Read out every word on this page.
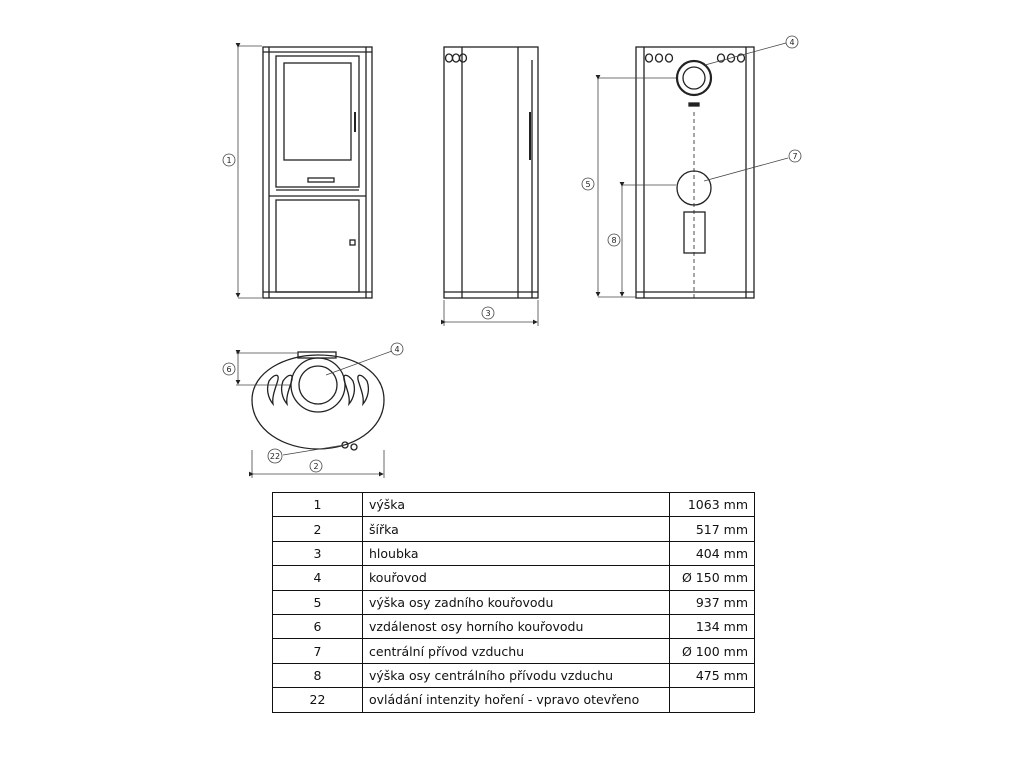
1
3
5
8
4
7
6
2
4
22
1	výška	1063 mm
2	šířka	517 mm
3	hloubka	404 mm
4	kouřovod	Ø 150 mm
5	výška osy zadního kouřovodu	937 mm
6	vzdálenost osy horního kouřovodu	134 mm
7	centrální přívod vzduchu	Ø 100 mm
8	výška osy centrálního přívodu vzduchu	475 mm
22	ovládání intenzity hoření - vpravo otevřeno	
